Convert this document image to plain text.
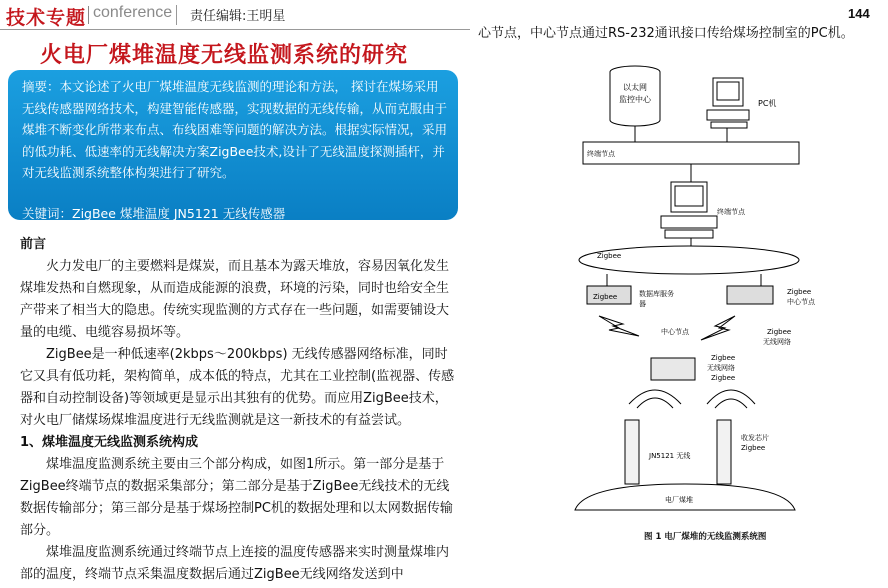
技术专题 conference 责任编辑:王明星	144
火电厂煤堆温度无线监测系统的研究

摘要：本文论述了火电厂煤堆温度无线监测的理论和方法， 探讨在煤场采用无线传感器网络技术，构建智能传感器，实现数据的无线传输，从而克服由于煤堆不断变化所带来布点、布线困难等问题的解决方法。根据实际情况，采用的低功耗、低速率的无线解决方案ZigBee技术,设计了无线温度探测插杆，并对无线监测系统整体构架进行了研究。

关键词：ZigBee 煤堆温度 JN5121 无线传感器
前言
火力发电厂的主要燃料是煤炭，而且基本为露天堆放，容易因氧化发生煤堆发热和自燃现象，从而造成能源的浪费，环境的污染，同时也给安全生产带来了相当大的隐患。传统实现监测的方式存在一些问题，如需要铺设大量的电缆、电缆容易损坏等。
ZigBee是一种低速率(2kbps～200kbps) 无线传感器网络标准，同时它又具有低功耗，架构简单，成本低的特点，尤其在工业控制(监视器、传感器和自动控制设备)等领域更是显示出其独有的优势。而应用ZigBee技术，对火电厂储煤场煤堆温度进行无线监测就是这一新技术的有益尝试。
1、煤堆温度无线监测系统构成
煤堆温度监测系统主要由三个部分构成，如图1所示。第一部分是基于ZigBee终端节点的数据采集部分；第二部分是基于ZigBee无线技术的无线数据传输部分；第三部分是基于煤场控制PC机的数据处理和以太网数据传输部分。
煤堆温度监测系统通过终端节点上连接的温度传感器来实时测量煤堆内部的温度，终端节点采集温度数据后通过ZigBee无线网络发送到中
心节点，中心节点通过RS-232通讯接口传给煤场控制室的PC机。
以太网
监控中心	PC机
终端节点
终端节点
Zigbee
Zigbee	数据库服务
器
Zigbee
中心节点
中心节点	Zigbee
无线网络
Zigbee
无线网络
Zigbee
JN5121 无线
收发芯片
Zigbee
电厂煤堆
图 1 电厂煤堆的无线监测系统图
